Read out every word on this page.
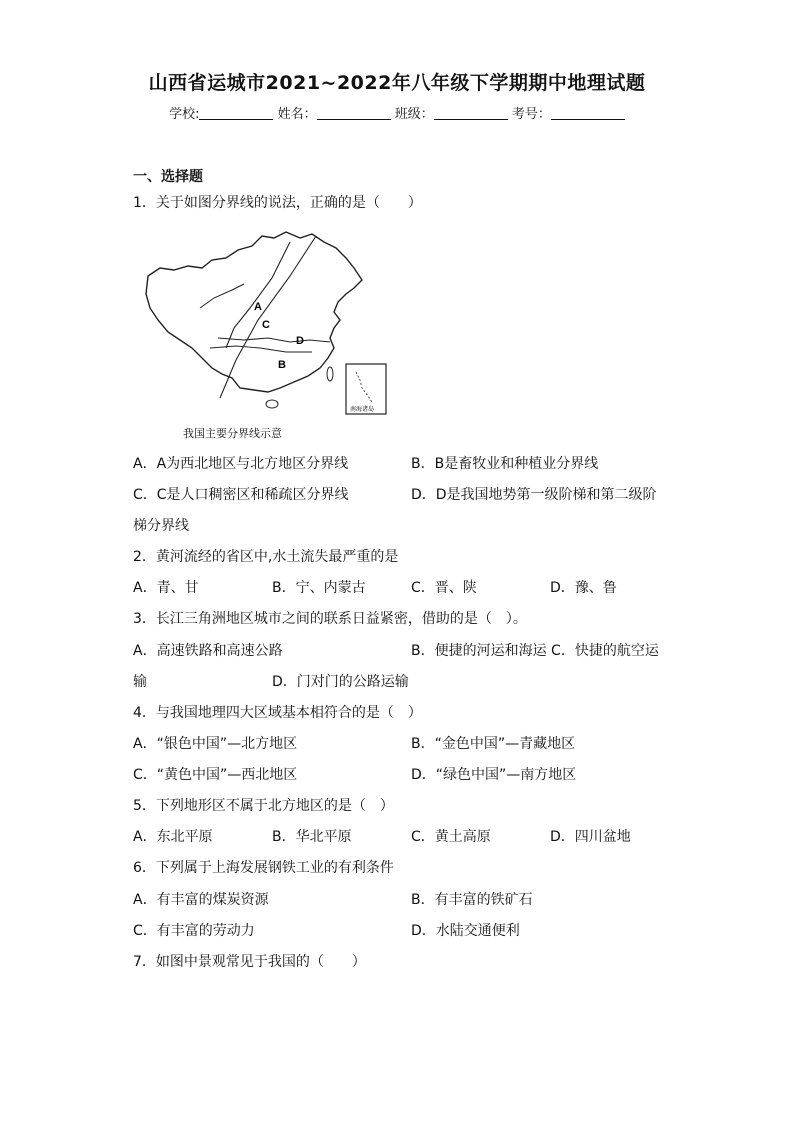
山西省运城市2021~2022年八年级下学期期中地理试题
学校:	姓名：	班级：	考号：
一、选择题
1．关于如图分界线的说法，正确的是（　　）
A
B
C
D
南海诸岛
我国主要分界线示意
A．A为西北地区与北方地区分界线	B．B是畜牧业和种植业分界线
C．C是人口稠密区和稀疏区分界线	D．D是我国地势第一级阶梯和第二级阶
梯分界线
2．黄河流经的省区中,水土流失最严重的是
A．青、甘	B．宁、内蒙古	C．晋、陕	D．豫、鲁
3．长江三角洲地区城市之间的联系日益紧密，借助的是（　）。
A．高速铁路和高速公路	B．便捷的河运和海运 C．快捷的航空运
输	D．门对门的公路运输
4．与我国地理四大区域基本相符合的是（　）
A．“银色中国”—北方地区	B．“金色中国”—青藏地区
C．“黄色中国”—西北地区	D．“绿色中国”—南方地区
5．下列地形区不属于北方地区的是（　）
A．东北平原	B．华北平原	C．黄土高原	D．四川盆地
6．下列属于上海发展钢铁工业的有利条件
A．有丰富的煤炭资源	B．有丰富的铁矿石
C．有丰富的劳动力	D．水陆交通便利
7．如图中景观常见于我国的（　　）
